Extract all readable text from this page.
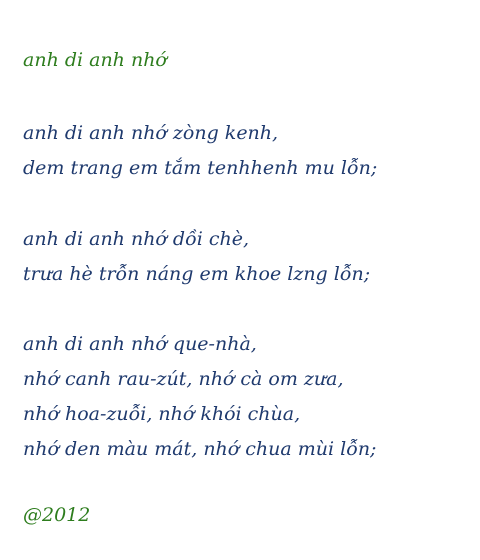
anh di anh nhớ
anh di anh nhớ zòng kenh,
dem trang em tắm tenhhenh mu lỗn;
anh di anh nhớ dồi chè,
trưa hè trỗn náng em khoe lzng lỗn;
anh di anh nhớ que-nhà,
nhớ canh rau-zút, nhớ cà om zưa,
nhớ hoa-zuỗi, nhớ khói chùa,
nhớ den màu mát, nhớ chua mùi lỗn;
@2012
